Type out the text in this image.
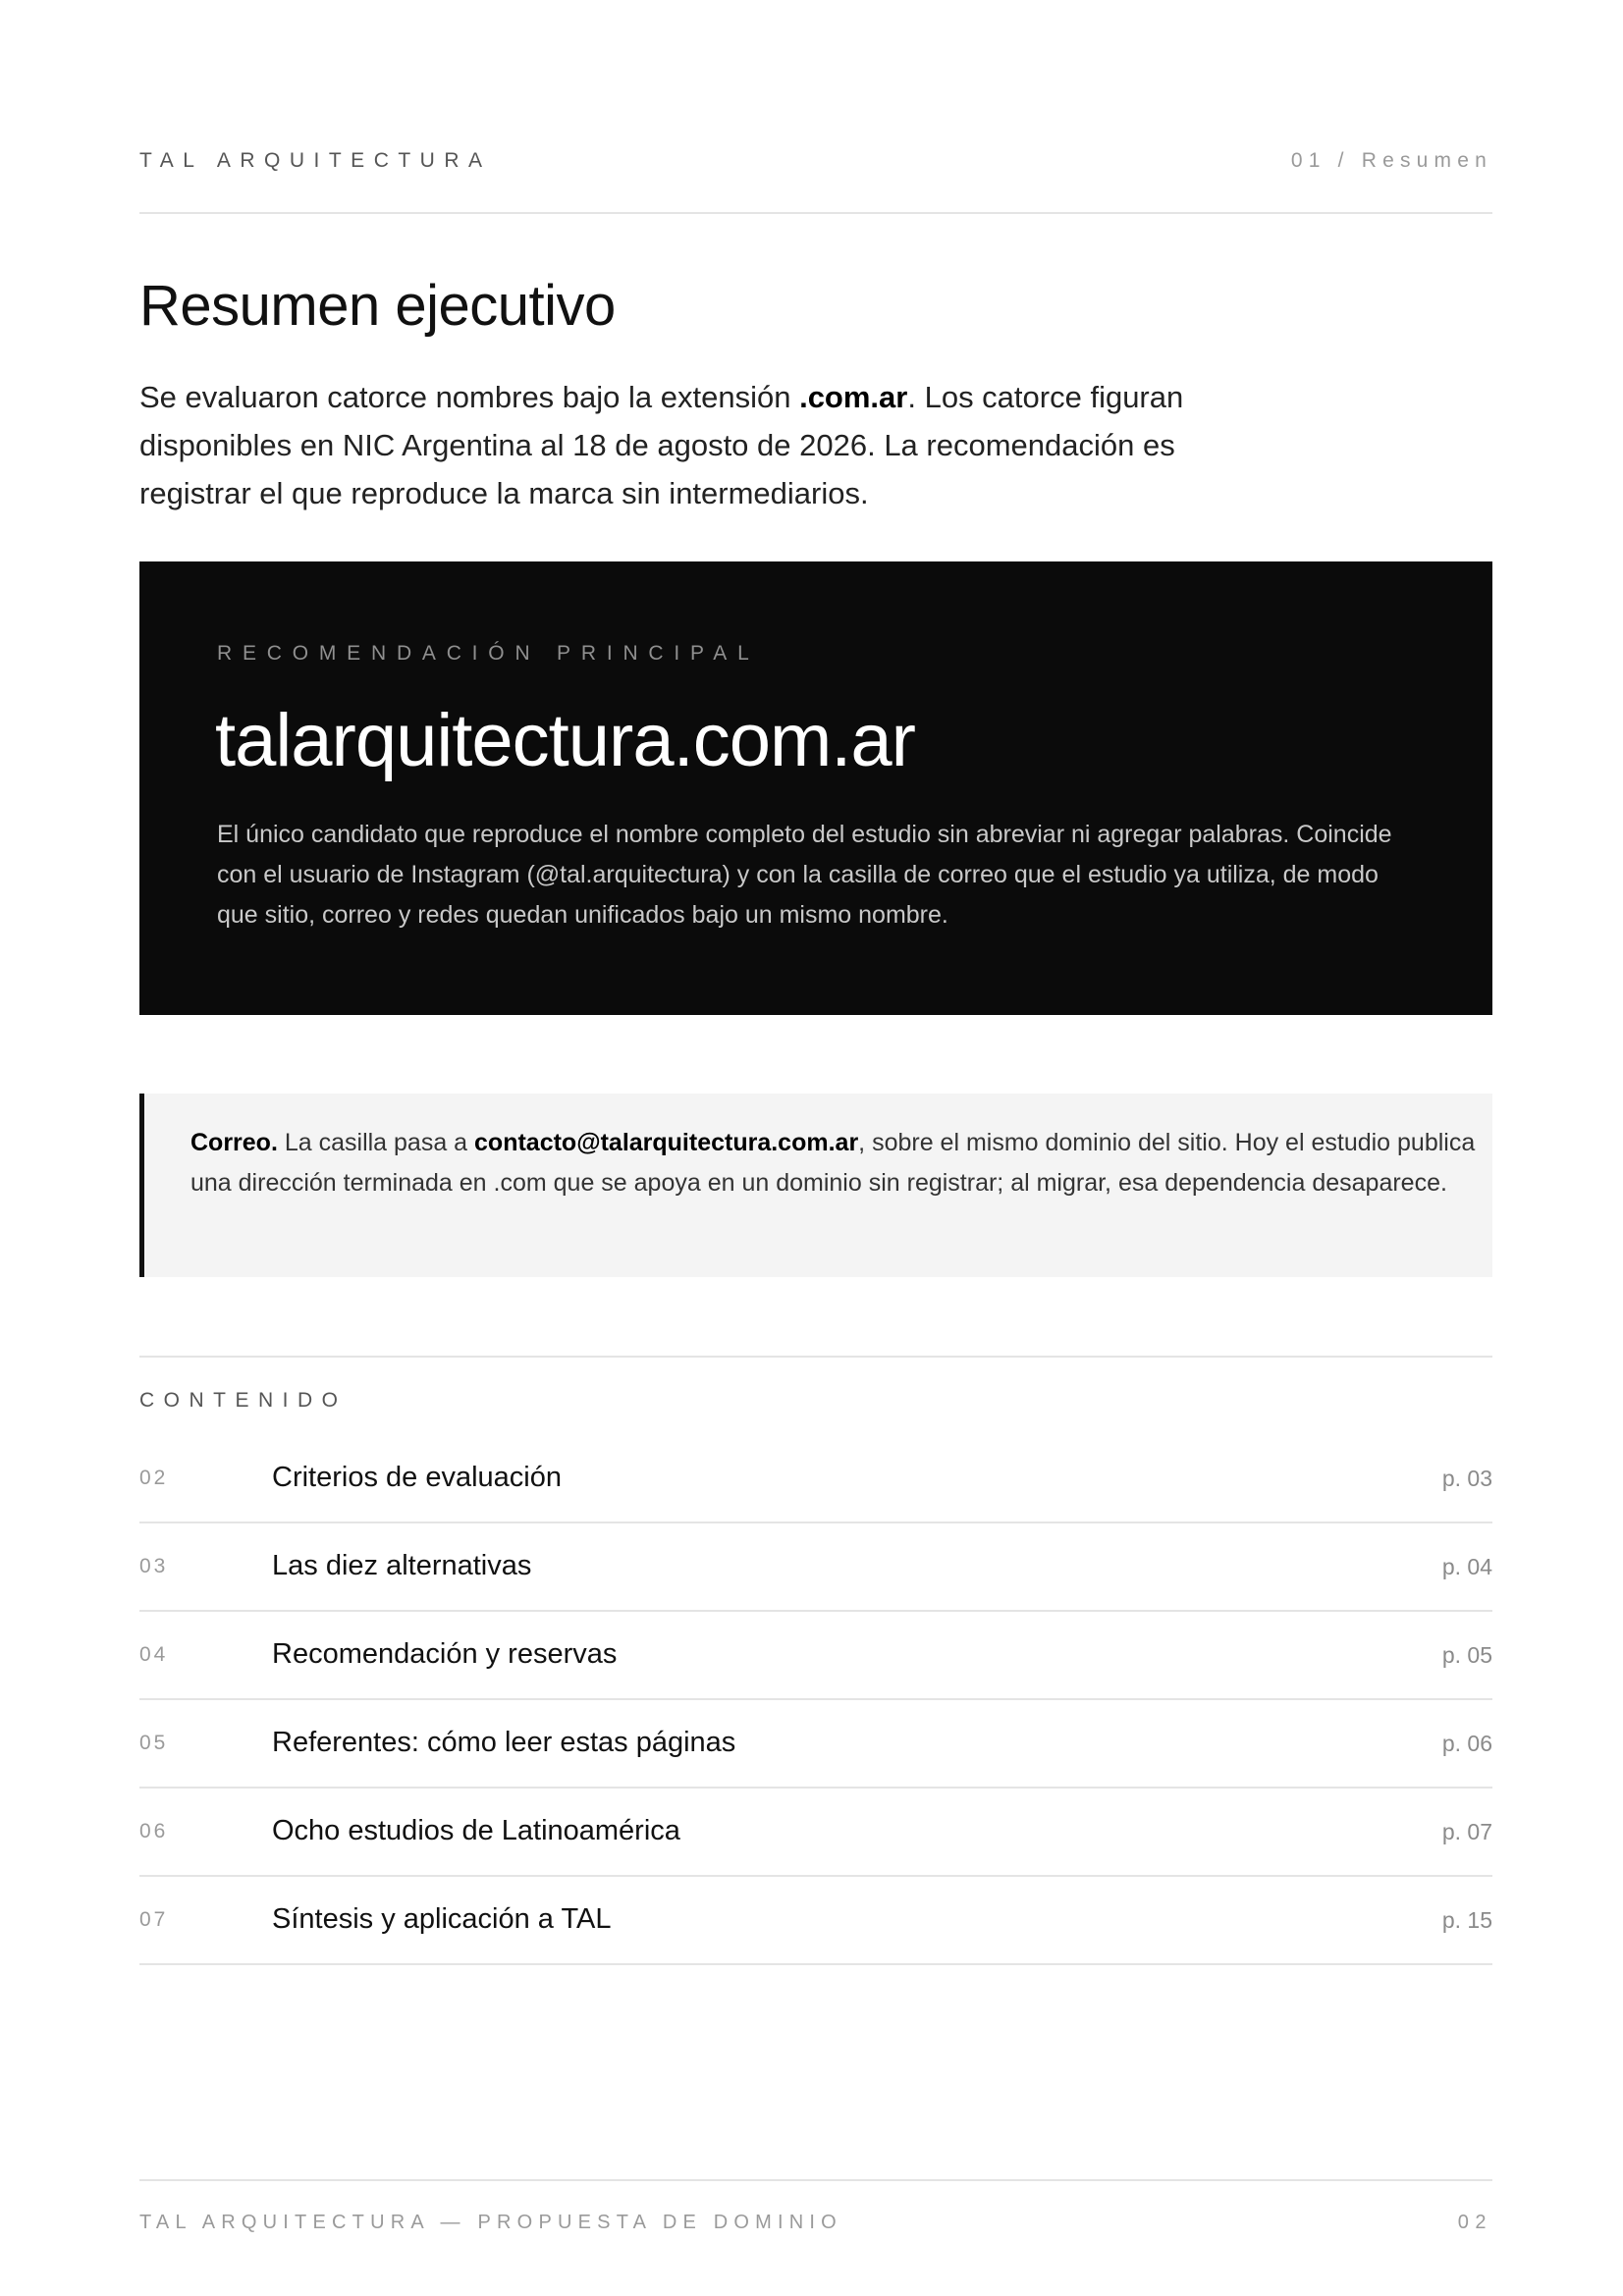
TAL ARQUITECTURA	01 / Resumen
Resumen ejecutivo

Se evaluaron catorce nombres bajo la extensión .com.ar. Los catorce figuran disponibles en NIC Argentina al 18 de agosto de 2026. La recomendación es registrar el que reproduce la marca sin intermediarios.

RECOMENDACIÓN PRINCIPAL
talarquitectura.com.ar

El único candidato que reproduce el nombre completo del estudio sin abreviar ni agregar palabras. Coincide con el usuario de Instagram (@tal.arquitectura) y con la casilla de correo que el estudio ya utiliza, de modo que sitio, correo y redes quedan unificados bajo un mismo nombre.

Correo. La casilla pasa a contacto@talarquitectura.com.ar, sobre el mismo dominio del sitio. Hoy el estudio publica una dirección terminada en .com que se apoya en un dominio sin registrar; al migrar, esa dependencia desaparece.

CONTENIDO
02	Criterios de evaluación	p. 03
03	Las diez alternativas	p. 04
04	Recomendación y reservas	p. 05
05	Referentes: cómo leer estas páginas	p. 06
06	Ocho estudios de Latinoamérica	p. 07
07	Síntesis y aplicación a TAL	p. 15
TAL ARQUITECTURA — PROPUESTA DE DOMINIO	02
